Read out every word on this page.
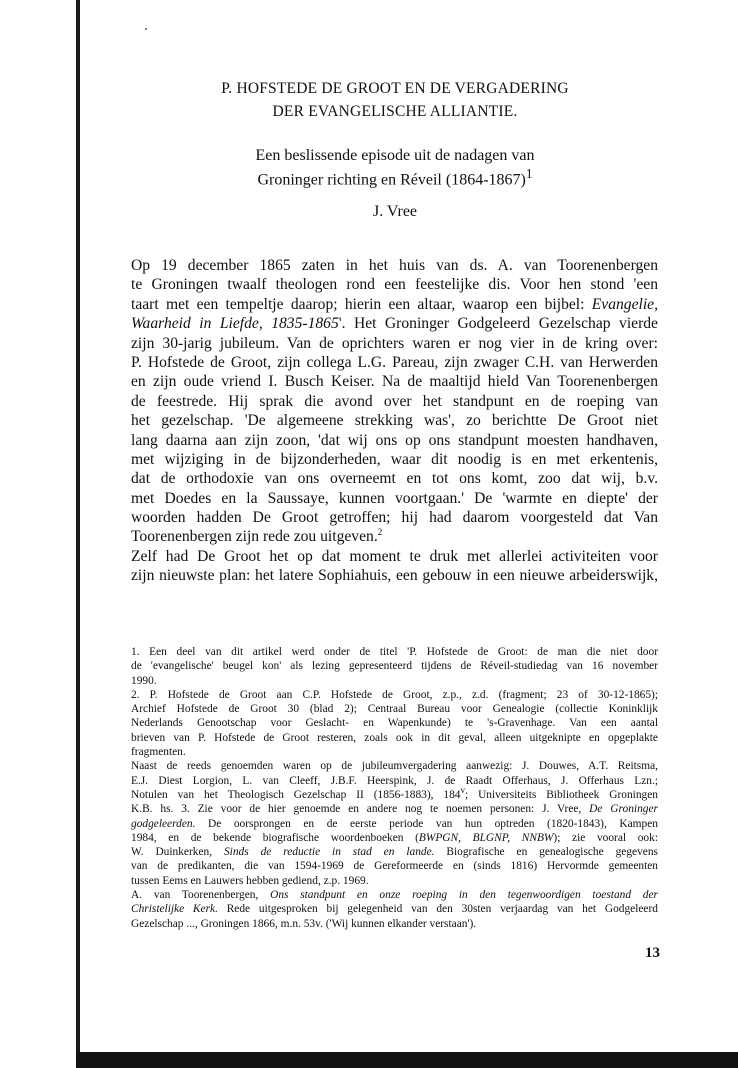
P. HOFSTEDE DE GROOT EN DE VERGADERING
DER EVANGELISCHE ALLIANTIE.
Een beslissende episode uit de nadagen van
Groninger richting en Réveil (1864-1867)$^1$
J. Vree
Op 19 december 1865 zaten in het huis van ds. A. van Toorenenbergen
te Groningen twaalf theologen rond een feestelijke dis. Voor hen stond 'een
taart met een tempeltje daarop; hierin een altaar, waarop een bijbel: Evangelie,
Waarheid in Liefde, 1835-1865'. Het Groninger Godgeleerd Gezelschap vierde
zijn 30-jarig jubileum. Van de oprichters waren er nog vier in de kring over:
P. Hofstede de Groot, zijn collega L.G. Pareau, zijn zwager C.H. van Herwerden
en zijn oude vriend I. Busch Keiser. Na de maaltijd hield Van Toorenenbergen
de feestrede. Hij sprak die avond over het standpunt en de roeping van
het gezelschap. 'De algemeene strekking was', zo berichtte De Groot niet
lang daarna aan zijn zoon, 'dat wij ons op ons standpunt moesten handhaven,
met wijziging in de bijzonderheden, waar dit noodig is en met erkentenis,
dat de orthodoxie van ons overneemt en tot ons komt, zoo dat wij, b.v.
met Doedes en la Saussaye, kunnen voortgaan.' De 'warmte en diepte' der
woorden hadden De Groot getroffen; hij had daarom voorgesteld dat Van
Toorenenbergen zijn rede zou uitgeven.$^2$
Zelf had De Groot het op dat moment te druk met allerlei activiteiten voor
zijn nieuwste plan: het latere Sophiahuis, een gebouw in een nieuwe arbeiderswijk,
1. Een deel van dit artikel werd onder de titel 'P. Hofstede de Groot: de man die niet door
de 'evangelische' beugel kon' als lezing gepresenteerd tijdens de Réveil-studiedag van 16 november
1990.
2. P. Hofstede de Groot aan C.P. Hofstede de Groot, z.p., z.d. (fragment; 23 of 30-12-1865);
Archief Hofstede de Groot 30 (blad 2); Centraal Bureau voor Genealogie (collectie Koninklijk
Nederlands Genootschap voor Geslacht- en Wapenkunde) te 's-Gravenhage. Van een aantal
brieven van P. Hofstede de Groot resteren, zoals ook in dit geval, alleen uitgeknipte en opgeplakte
fragmenten.
Naast de reeds genoemden waren op de jubileumvergadering aanwezig: J. Douwes, A.T. Reitsma,
E.J. Diest Lorgion, L. van Cleeff, J.B.F. Heerspink, J. de Raadt Offerhaus, J. Offerhaus Lzn.;
Notulen van het Theologisch Gezelschap II (1856-1883), 184$^v$; Universiteits Bibliotheek Groningen
K.B. hs. 3. Zie voor de hier genoemde en andere nog te noemen personen: J. Vree, De Groninger
godgeleerden. De oorsprongen en de eerste periode van hun optreden (1820-1843), Kampen
1984, en de bekende biografische woordenboeken (BWPGN, BLGNP, NNBW); zie vooral ook:
W. Duinkerken, Sinds de reductie in stad en lande. Biografische en genealogische gegevens
van de predikanten, die van 1594-1969 de Gereformeerde en (sinds 1816) Hervormde gemeenten
tussen Eems en Lauwers hebben gediend, z.p. 1969.
A. van Toorenenbergen, Ons standpunt en onze roeping in den tegenwoordigen toestand der
Christelijke Kerk. Rede uitgesproken bij gelegenheid van den 30sten verjaardag van het Godgeleerd
Gezelschap ..., Groningen 1866, m.n. 53v. ('Wij kunnen elkander verstaan').
13
